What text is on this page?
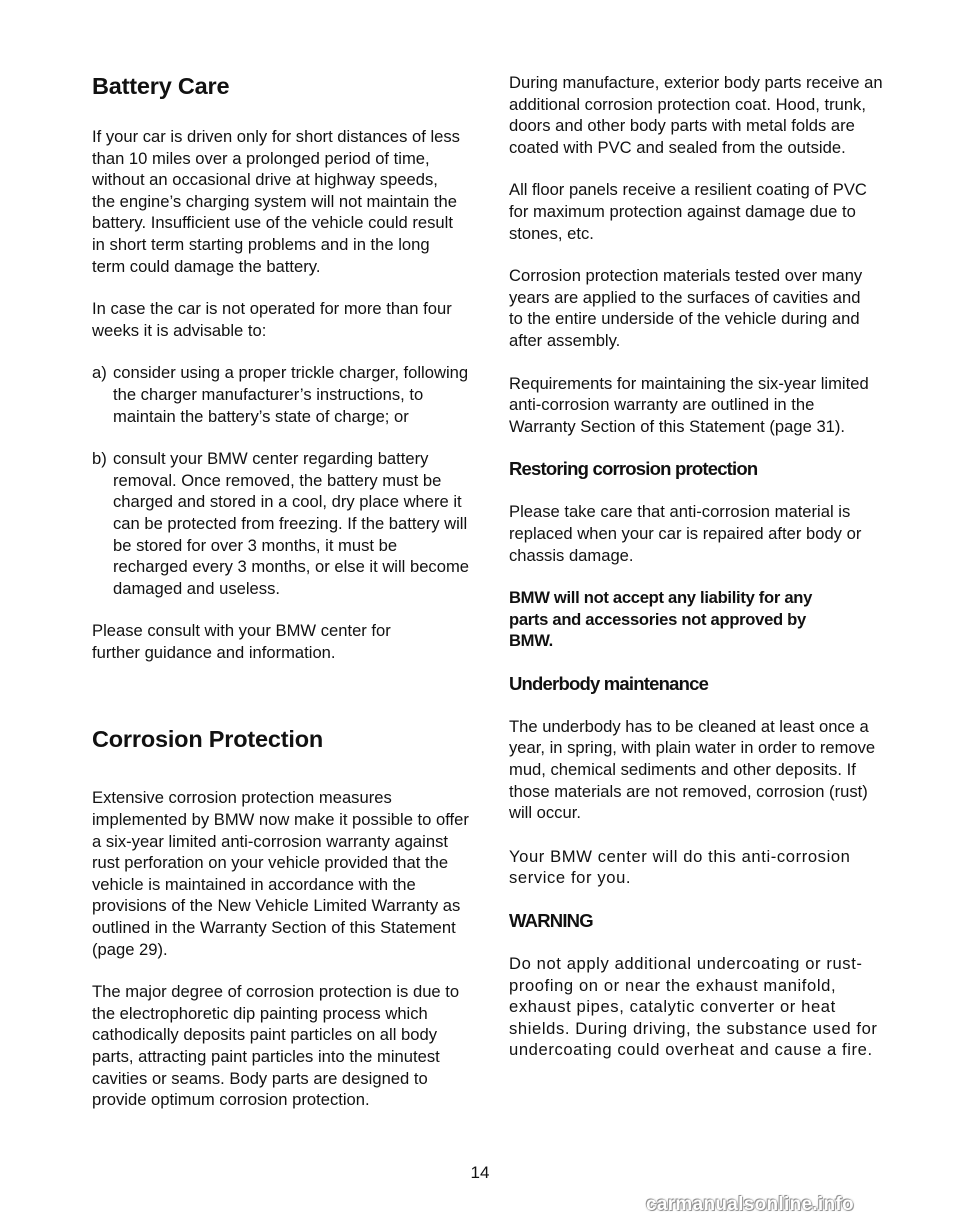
Battery Care

If your car is driven only for short distances of less than 10 miles over a prolonged period of time, without an occasional drive at highway speeds, the engine’s charging system will not maintain the battery. Insufficient use of the vehicle could result in short term starting problems and in the long term could damage the battery.

In case the car is not operated for more than four weeks it is advisable to:

a) consider using a proper trickle charger, following the charger manufacturer’s instructions, to maintain the battery’s state of charge; or
b) consult your BMW center regarding battery removal. Once removed, the battery must be charged and stored in a cool, dry place where it can be protected from freezing. If the battery will be stored for over 3 months, it must be recharged every 3 months, or else it will become damaged and useless.

Please consult with your BMW center for further guidance and information.

Corrosion Protection

Extensive corrosion protection measures implemented by BMW now make it possible to offer a six-year limited anti-corrosion warranty against rust perforation on your vehicle provided that the vehicle is maintained in accordance with the provisions of the New Vehicle Limited Warranty as outlined in the Warranty Section of this Statement (page 29).

The major degree of corrosion protection is due to the electrophoretic dip painting process which cathodically deposits paint particles on all body parts, attracting paint particles into the minutest cavities or seams. Body parts are designed to provide optimum corrosion protection.

During manufacture, exterior body parts receive an additional corrosion protection coat. Hood, trunk, doors and other body parts with metal folds are coated with PVC and sealed from the outside.

All floor panels receive a resilient coating of PVC for maximum protection against damage due to stones, etc.

Corrosion protection materials tested over many years are applied to the surfaces of cavities and to the entire underside of the vehicle during and after assembly.

Requirements for maintaining the six-year limited anti-corrosion warranty are outlined in the Warranty Section of this Statement (page 31).

Restoring corrosion protection

Please take care that anti-corrosion material is replaced when your car is repaired after body or chassis damage.

BMW will not accept any liability for any parts and accessories not approved by BMW.

Underbody maintenance

The underbody has to be cleaned at least once a year, in spring, with plain water in order to remove mud, chemical sediments and other deposits. If those materials are not removed, corrosion (rust) will occur.

Your BMW center will do this anti-corrosion service for you.

WARNING

Do not apply additional undercoating or rust-proofing on or near the exhaust manifold, exhaust pipes, catalytic converter or heat shields. During driving, the substance used for undercoating could overheat and cause a fire.

14
carmanualsonline.info
